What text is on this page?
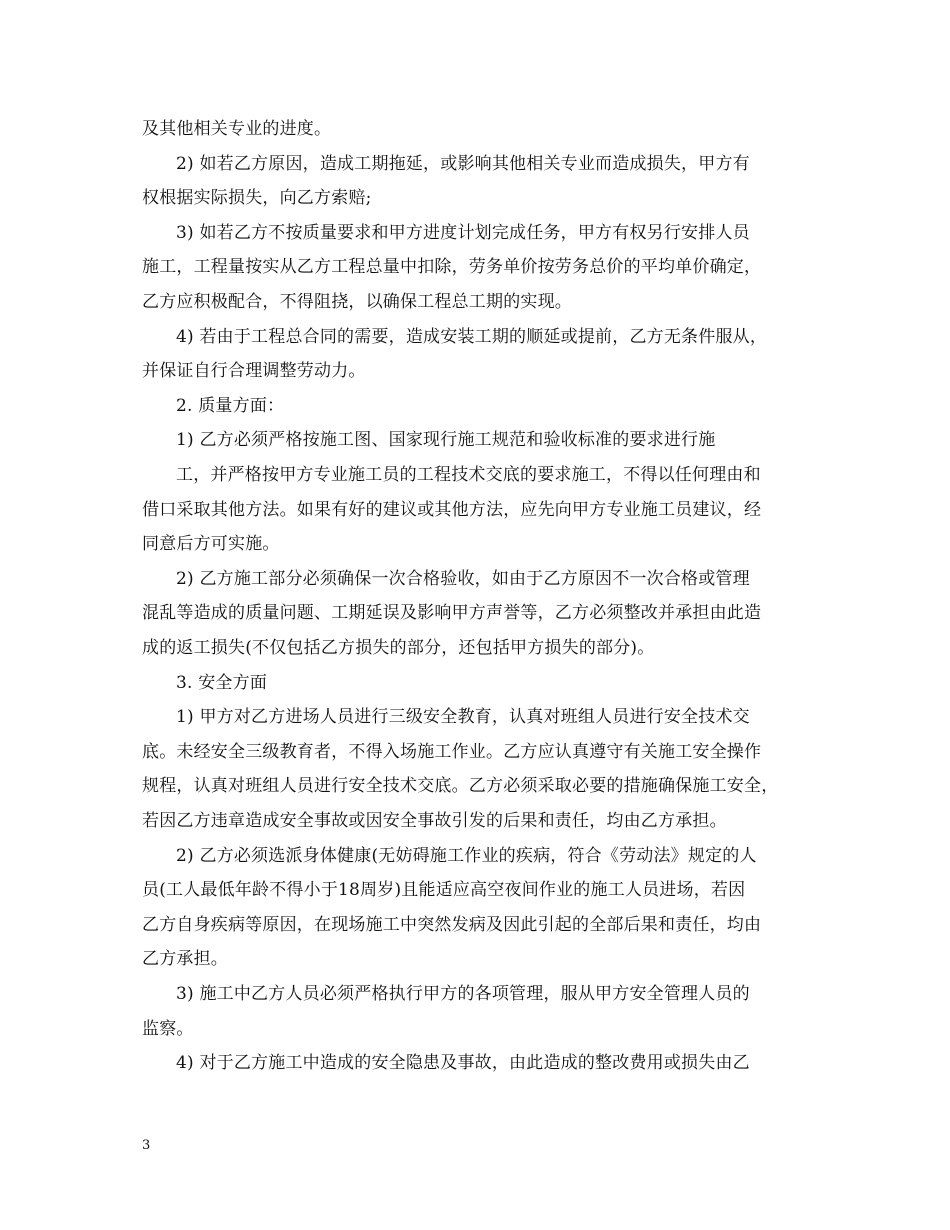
及其他相关专业的进度。
2) 如若乙方原因，造成工期拖延，或影响其他相关专业而造成损失，甲方有
权根据实际损失，向乙方索赔;
3) 如若乙方不按质量要求和甲方进度计划完成任务，甲方有权另行安排人员
施工，工程量按实从乙方工程总量中扣除，劳务单价按劳务总价的平均单价确定，
乙方应积极配合，不得阻挠，以确保工程总工期的实现。
4) 若由于工程总合同的需要，造成安装工期的顺延或提前，乙方无条件服从，
并保证自行合理调整劳动力。
2. 质量方面：
1) 乙方必须严格按施工图、国家现行施工规范和验收标准的要求进行施
工，并严格按甲方专业施工员的工程技术交底的要求施工，不得以任何理由和
借口采取其他方法。如果有好的建议或其他方法，应先向甲方专业施工员建议，经
同意后方可实施。
2) 乙方施工部分必须确保一次合格验收，如由于乙方原因不一次合格或管理
混乱等造成的质量问题、工期延误及影响甲方声誉等，乙方必须整改并承担由此造
成的返工损失(不仅包括乙方损失的部分，还包括甲方损失的部分)。
3. 安全方面
1) 甲方对乙方进场人员进行三级安全教育，认真对班组人员进行安全技术交
底。未经安全三级教育者，不得入场施工作业。乙方应认真遵守有关施工安全操作
规程，认真对班组人员进行安全技术交底。乙方必须采取必要的措施确保施工安全，
若因乙方违章造成安全事故或因安全事故引发的后果和责任，均由乙方承担。
2) 乙方必须选派身体健康(无妨碍施工作业的疾病，符合《劳动法》规定的人
员(工人最低年龄不得小于18周岁)且能适应高空夜间作业的施工人员进场，若因
乙方自身疾病等原因，在现场施工中突然发病及因此引起的全部后果和责任，均由
乙方承担。
3) 施工中乙方人员必须严格执行甲方的各项管理，服从甲方安全管理人员的
监察。
4) 对于乙方施工中造成的安全隐患及事故，由此造成的整改费用或损失由乙
3
